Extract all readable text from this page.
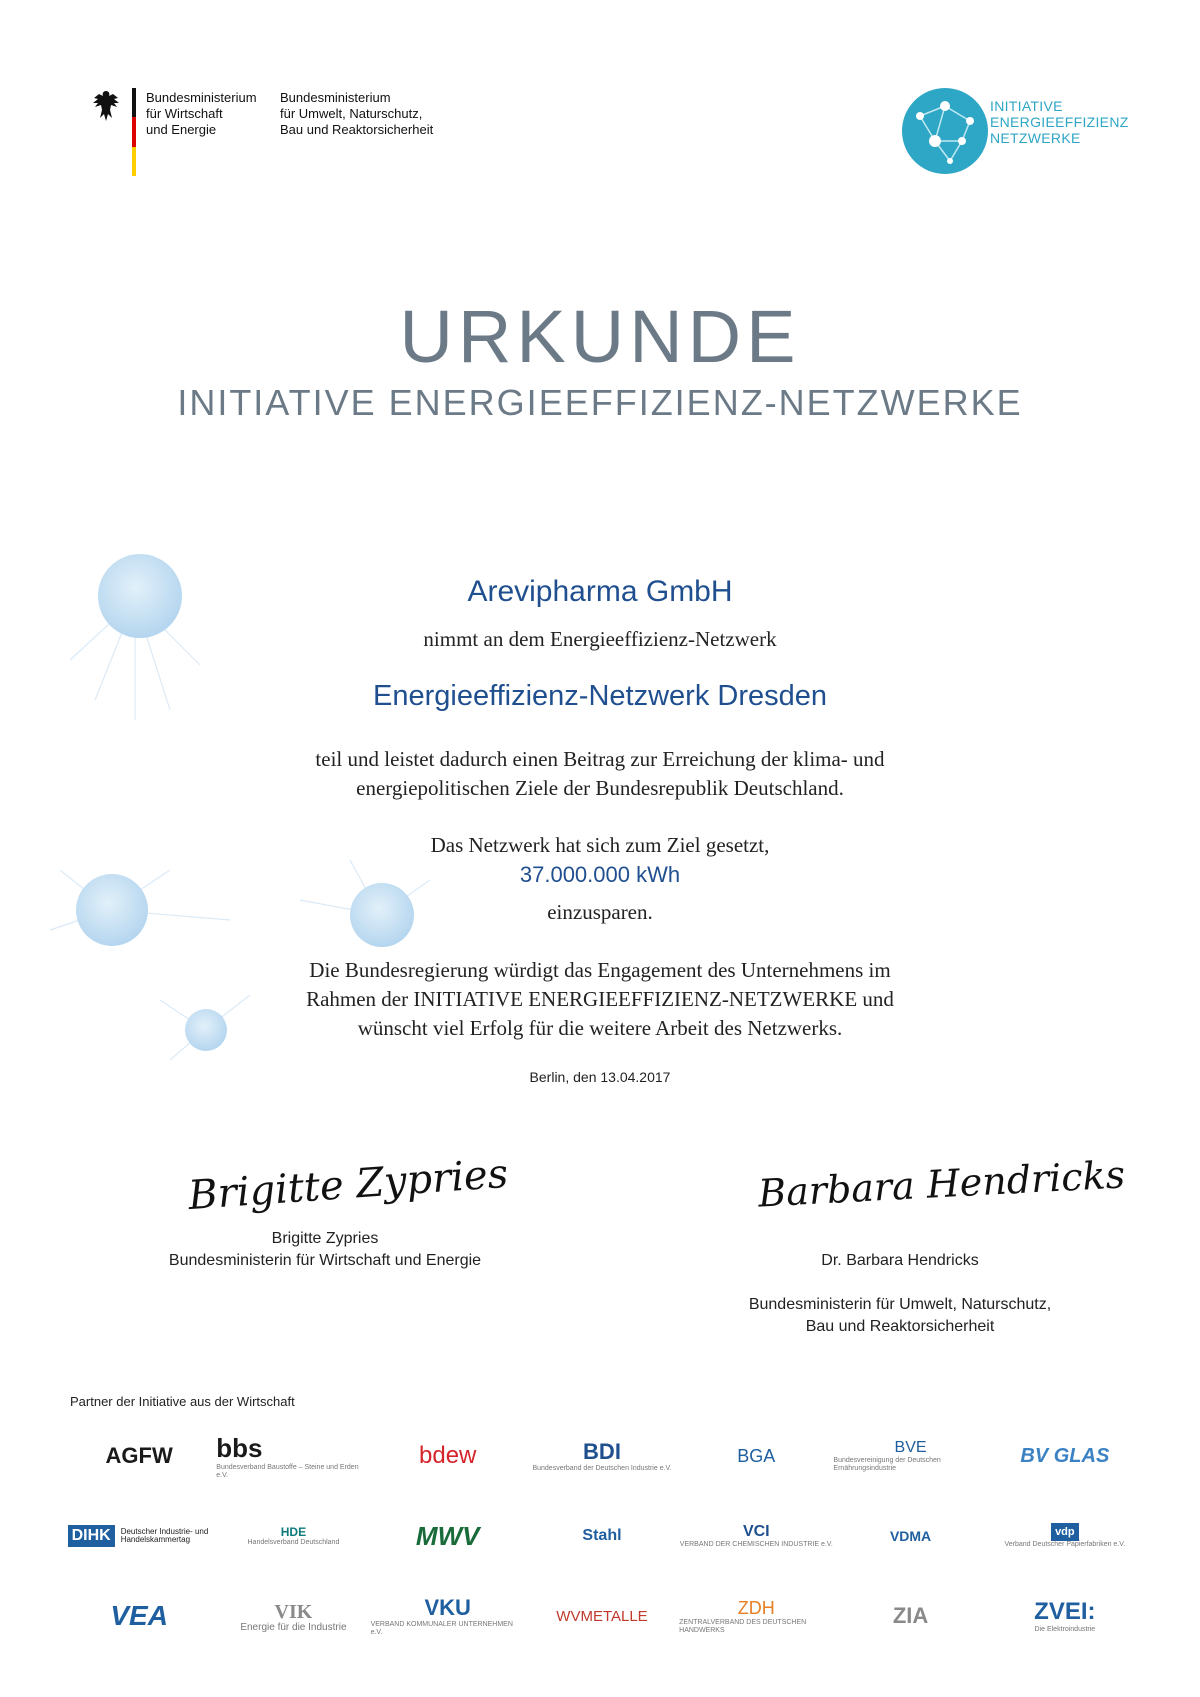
Bundesministerium
für Wirtschaft
und Energie
Bundesministerium
für Umwelt, Naturschutz,
Bau und Reaktorsicherheit
INITIATIVE
ENERGIEEFFIZIENZ
NETZWERKE
URKUNDE
INITIATIVE ENERGIEEFFIZIENZ-NETZWERKE
Arevipharma GmbH
nimmt an dem Energieeffizienz-Netzwerk
Energieeffizienz-Netzwerk Dresden
teil und leistet dadurch einen Beitrag zur Erreichung der klima- und
energiepolitischen Ziele der Bundesrepublik Deutschland.
Das Netzwerk hat sich zum Ziel gesetzt,
37.000.000 kWh
einzusparen.
Die Bundesregierung würdigt das Engagement des Unternehmens im
Rahmen der INITIATIVE ENERGIEEFFIZIENZ-NETZWERKE und
wünscht viel Erfolg für die weitere Arbeit des Netzwerks.
Berlin, den 13.04.2017
Brigitte Zypries	Barbara Hendricks
Brigitte Zypries
Bundesministerin für Wirtschaft und Energie	Dr. Barbara Hendricks

Bundesministerin für Umwelt, Naturschutz,
Bau und Reaktorsicherheit

Partner der Initiative aus der Wirtschaft
AGFW bbs
Bundesverband Baustoffe – Steine und Erden e.V.
bdew	BDI
Bundesverband der Deutschen Industrie e.V.
BGA	BVE
Bundesvereinigung der Deutschen Ernährungsindustrie
BV GLAS
DIHK	Deutscher Industrie- und Handelskammertag
HDE
Handelsverband Deutschland	MWV	Stahl	VCI
VERBAND DER CHEMISCHEN INDUSTRIE e.V.
VDMA	vdp
Verband Deutscher Papierfabriken e.V.
VEA	VIK
Energie für die Industrie
VKU
VERBAND KOMMUNALER UNTERNEHMEN e.V.
WVMETALLE	ZDH
ZENTRALVERBAND DES DEUTSCHEN HANDWERKS
ZIA	ZVEI:
Die Elektroindustrie
